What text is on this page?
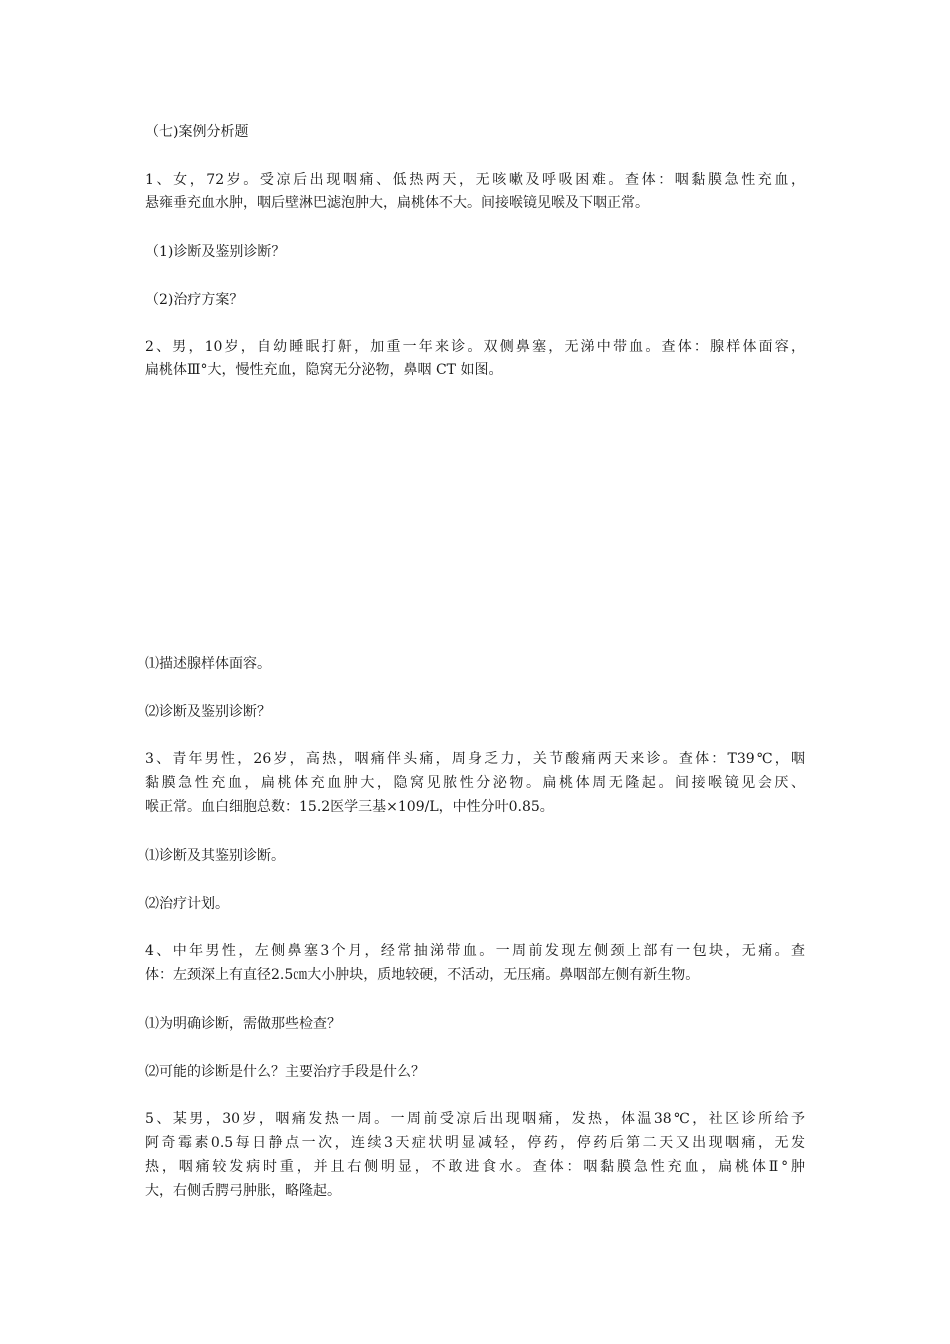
（七)案例分析题

1、女，72岁。受凉后出现咽痛、低热两天，无咳嗽及呼吸困难。查体：咽黏膜急性充血，

悬雍垂充血水肿，咽后壁淋巴滤泡肿大，扁桃体不大。间接喉镜见喉及下咽正常。

（1)诊断及鉴别诊断？

（2)治疗方案？

2、男，10岁，自幼睡眠打鼾，加重一年来诊。双侧鼻塞，无涕中带血。查体：腺样体面容，

扁桃体Ⅲ°大，慢性充血，隐窝无分泌物，鼻咽 CT 如图。

⑴描述腺样体面容。

⑵诊断及鉴别诊断？

3、青年男性，26岁，高热，咽痛伴头痛，周身乏力，关节酸痛两天来诊。查体：T39℃，咽

黏膜急性充血，扁桃体充血肿大，隐窝见脓性分泌物。扁桃体周无隆起。间接喉镜见会厌、

喉正常。血白细胞总数：15.2医学三基×109/L，中性分叶0.85。

⑴诊断及其鉴别诊断。

⑵治疗计划。

4、中年男性，左侧鼻塞3个月，经常抽涕带血。一周前发现左侧颈上部有一包块，无痛。查

体：左颈深上有直径2.5㎝大小肿块，质地较硬，不活动，无压痛。鼻咽部左侧有新生物。

⑴为明确诊断，需做那些检查？

⑵可能的诊断是什么？主要治疗手段是什么？

5、某男，30岁，咽痛发热一周。一周前受凉后出现咽痛，发热，体温38℃，社区诊所给予

阿奇霉素0.5每日静点一次，连续3天症状明显减轻，停药，停药后第二天又出现咽痛，无发

热，咽痛较发病时重，并且右侧明显，不敢进食水。查体：咽黏膜急性充血，扁桃体Ⅱ°肿

大，右侧舌腭弓肿胀，略隆起。
